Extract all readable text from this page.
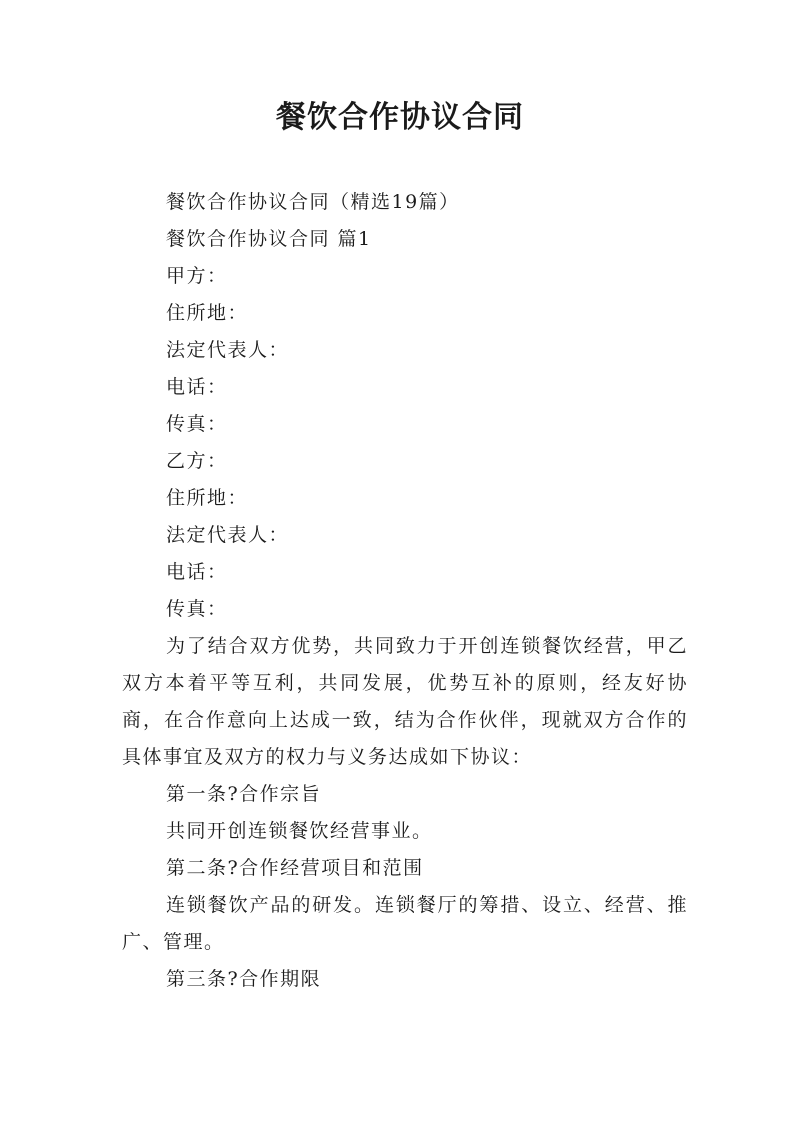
餐饮合作协议合同

餐饮合作协议合同（精选19篇）

餐饮合作协议合同 篇1

甲方：

住所地：

法定代表人：

电话：

传真：

乙方：

住所地：

法定代表人：

电话：

传真：

为了结合双方优势，共同致力于开创连锁餐饮经营，甲乙双方本着平等互利，共同发展，优势互补的原则，经友好协商，在合作意向上达成一致，结为合作伙伴，现就双方合作的具体事宜及双方的权力与义务达成如下协议：

第一条?合作宗旨

共同开创连锁餐饮经营事业。

第二条?合作经营项目和范围

连锁餐饮产品的研发。连锁餐厅的筹措、设立、经营、推广、管理。

第三条?合作期限
